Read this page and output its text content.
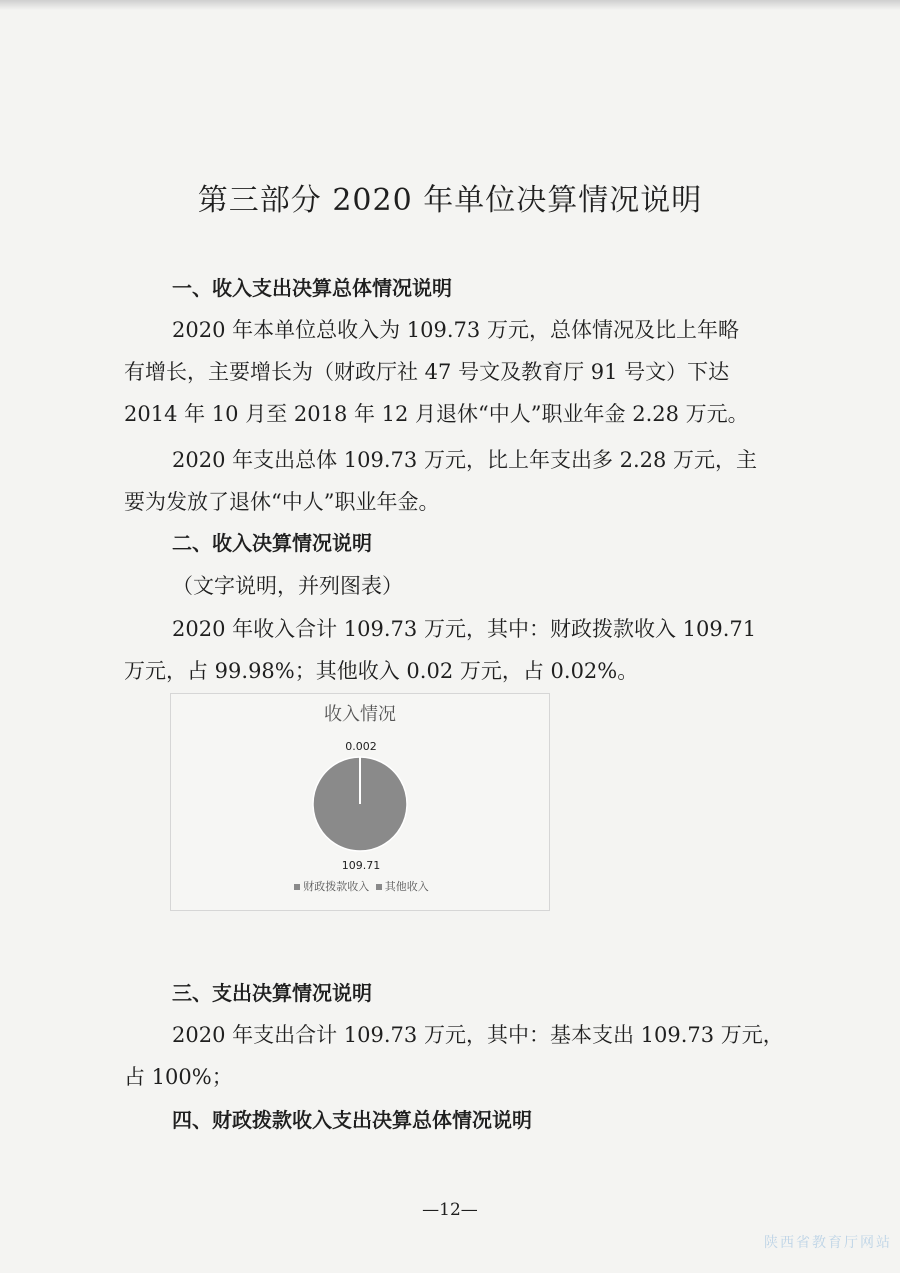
第三部分 2020 年单位决算情况说明
一、收入支出决算总体情况说明
2020 年本单位总收入为 109.73 万元，总体情况及比上年略
有增长，主要增长为（财政厅社 47 号文及教育厅 91 号文）下达
2014 年 10 月至 2018 年 12 月退休“中人”职业年金 2.28 万元。
2020 年支出总体 109.73 万元，比上年支出多 2.28 万元，主
要为发放了退休“中人”职业年金。
二、收入决算情况说明
（文字说明，并列图表）
2020 年收入合计 109.73 万元，其中：财政拨款收入 109.71
万元，占 99.98%；其他收入 0.02 万元，占 0.02%。
收入情况
0.002
109.71
财政拨款收入 其他收入
三、支出决算情况说明
2020 年支出合计 109.73 万元，其中：基本支出 109.73 万元，
占 100%；
四、财政拨款收入支出决算总体情况说明
—12—
陕西省教育厅网站
